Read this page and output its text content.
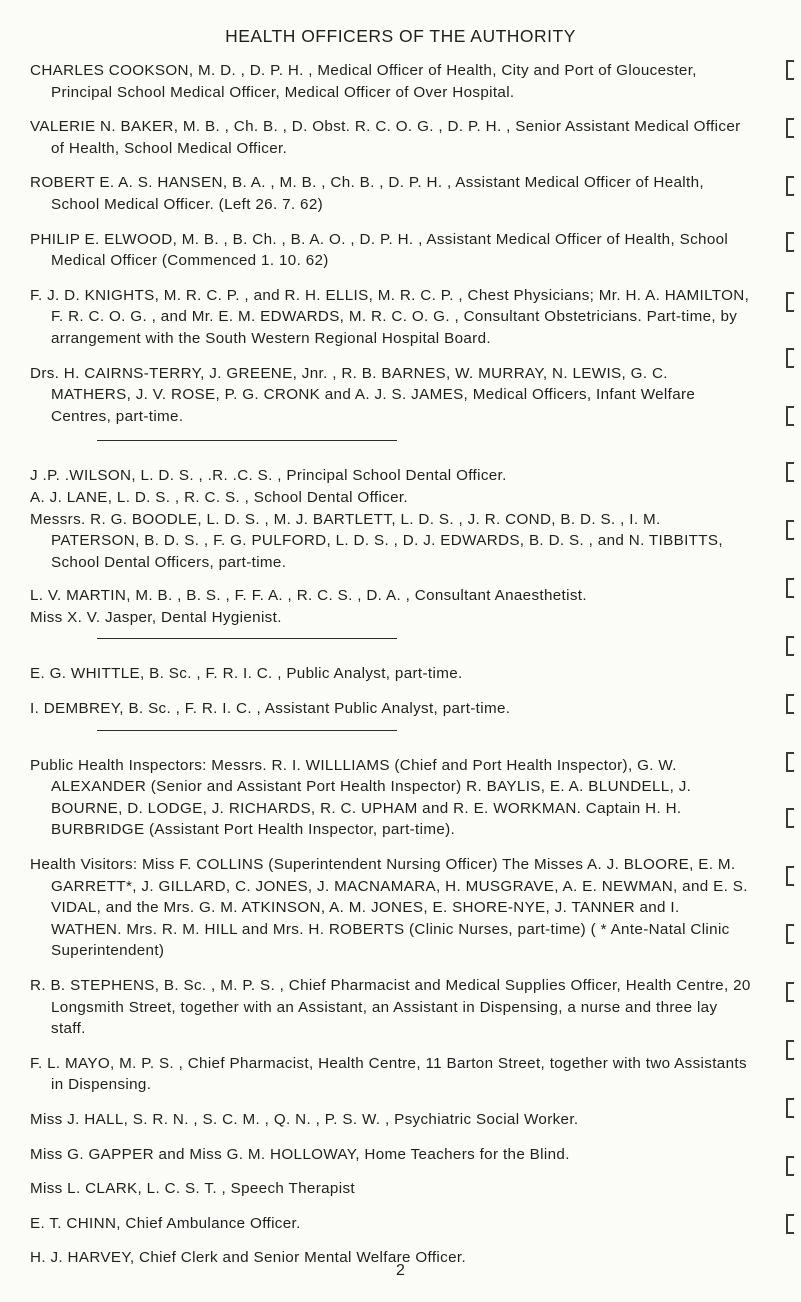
HEALTH OFFICERS OF THE AUTHORITY

CHARLES COOKSON, M. D. , D. P. H. , Medical Officer of Health, City and Port of Gloucester, Principal School Medical Officer, Medical Officer of Over Hospital.

VALERIE N. BAKER, M. B. , Ch. B. , D. Obst. R. C. O. G. , D. P. H. , Senior Assistant Medical Officer of Health, School Medical Officer.

ROBERT E. A. S. HANSEN, B. A. , M. B. , Ch. B. , D. P. H. , Assistant Medical Officer of Health, School Medical Officer. (Left 26. 7. 62)

PHILIP E. ELWOOD, M. B. , B. Ch. , B. A. O. , D. P. H. , Assistant Medical Officer of Health, School Medical Officer (Commenced 1. 10. 62)

F. J. D. KNIGHTS, M. R. C. P. , and R. H. ELLIS, M. R. C. P. , Chest Physicians; Mr. H. A. HAMILTON, F. R. C. O. G. , and Mr. E. M. EDWARDS, M. R. C. O. G. , Consultant Obstetricians. Part-time, by arrangement with the South Western Regional Hospital Board.

Drs. H. CAIRNS-TERRY, J. GREENE, Jnr. , R. B. BARNES, W. MURRAY, N. LEWIS, G. C. MATHERS, J. V. ROSE, P. G. CRONK and A. J. S. JAMES, Medical Officers, Infant Welfare Centres, part-time.

J .P. .WILSON, L. D. S. , .R. .C. S. , Principal School Dental Officer.

A. J. LANE, L. D. S. , R. C. S. , School Dental Officer.

Messrs. R. G. BOODLE, L. D. S. , M. J. BARTLETT, L. D. S. , J. R. COND, B. D. S. , I. M. PATERSON, B. D. S. , F. G. PULFORD, L. D. S. , D. J. EDWARDS, B. D. S. , and N. TIBBITTS, School Dental Officers, part-time.

L. V. MARTIN, M. B. , B. S. , F. F. A. , R. C. S. , D. A. , Consultant Anaesthetist.

Miss X. V. Jasper, Dental Hygienist.

E. G. WHITTLE, B. Sc. , F. R. I. C. , Public Analyst, part-time.

I. DEMBREY, B. Sc. , F. R. I. C. , Assistant Public Analyst, part-time.

Public Health Inspectors: Messrs. R. I. WILLLIAMS (Chief and Port Health Inspector), G. W. ALEXANDER (Senior and Assistant Port Health Inspector) R. BAYLIS, E. A. BLUNDELL, J. BOURNE, D. LODGE, J. RICHARDS, R. C. UPHAM and R. E. WORKMAN. Captain H. H. BURBRIDGE (Assistant Port Health Inspector, part-time).

Health Visitors: Miss F. COLLINS (Superintendent Nursing Officer) The Misses A. J. BLOORE, E. M. GARRETT*, J. GILLARD, C. JONES, J. MACNAMARA, H. MUSGRAVE, A. E. NEWMAN, and E. S. VIDAL, and the Mrs. G. M. ATKINSON, A. M. JONES, E. SHORE-NYE, J. TANNER and I. WATHEN. Mrs. R. M. HILL and Mrs. H. ROBERTS (Clinic Nurses, part-time) ( * Ante-Natal Clinic Superintendent)

R. B. STEPHENS, B. Sc. , M. P. S. , Chief Pharmacist and Medical Supplies Officer, Health Centre, 20 Longsmith Street, together with an Assistant, an Assistant in Dispensing, a nurse and three lay staff.

F. L. MAYO, M. P. S. , Chief Pharmacist, Health Centre, 11 Barton Street, together with two Assistants in Dispensing.

Miss J. HALL, S. R. N. , S. C. M. , Q. N. , P. S. W. , Psychiatric Social Worker.

Miss G. GAPPER and Miss G. M. HOLLOWAY, Home Teachers for the Blind.

Miss L. CLARK, L. C. S. T. , Speech Therapist

E. T. CHINN, Chief Ambulance Officer.

H. J. HARVEY, Chief Clerk and Senior Mental Welfare Officer.

2
